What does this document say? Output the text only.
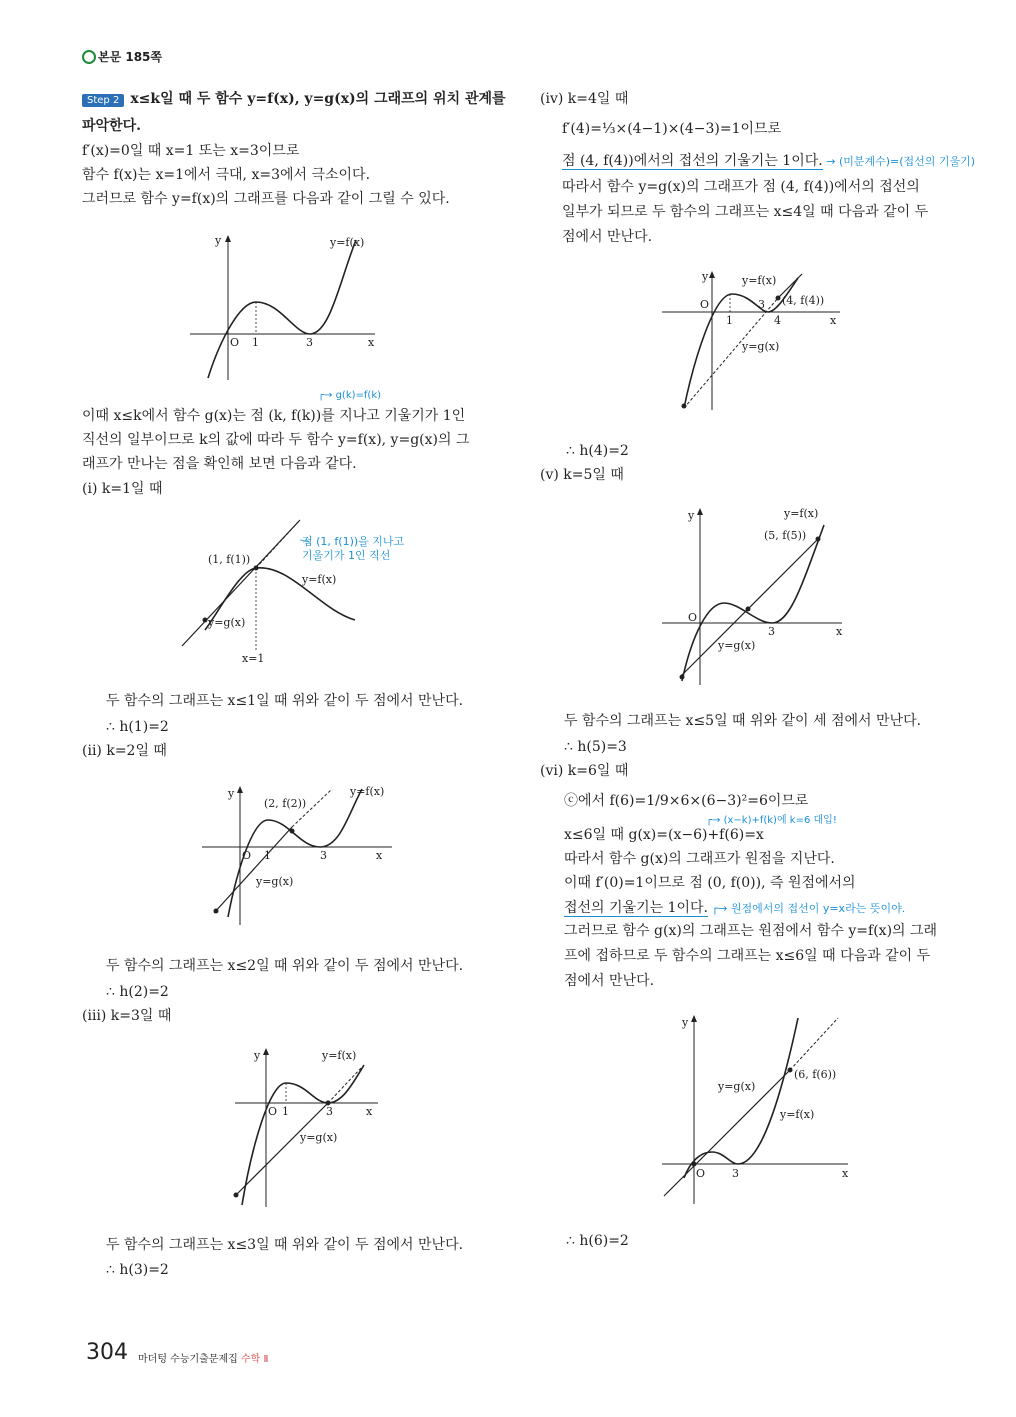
본문 185쪽
Step 2 x≤k일 때 두 함수 y=f(x), y=g(x)의 그래프의 위치 관계를
파악한다.
f′(x)=0일 때 x=1 또는 x=3이므로
함수 f(x)는 x=1에서 극대, x=3에서 극소이다.
그러므로 함수 y=f(x)의 그래프를 다음과 같이 그릴 수 있다.
y	y=f(x)
O 1	3	x
┌→ g(k)=f(k)
이때 x≤k에서 함수 g(x)는 점 (k, f(k))를 지나고 기울기가 1인
직선의 일부이므로 k의 값에 따라 두 함수 y=f(x), y=g(x)의 그
래프가 만나는 점을 확인해 보면 다음과 같다.
(ⅰ) k=1일 때
(1, f(1))
점 (1, f(1))을 지나고
기울기가 1인 직선
y=f(x)
y=g(x)
x=1
두 함수의 그래프는 x≤1일 때 위와 같이 두 점에서 만난다.
∴ h(1)=2
(ⅱ) k=2일 때
y
(2, f(2))
y=f(x)
O 1	3	x
y=g(x)
두 함수의 그래프는 x≤2일 때 위와 같이 두 점에서 만난다.
∴ h(2)=2
(ⅲ) k=3일 때
y	y=f(x)
O 1	3	x
y=g(x)
두 함수의 그래프는 x≤3일 때 위와 같이 두 점에서 만난다.
∴ h(3)=2
(ⅳ) k=4일 때
f′(4)=⅓×(4−1)×(4−3)=1이므로
점 (4, f(4))에서의 접선의 기울기는 1이다. → (미분계수)=(접선의 기울기)
따라서 함수 y=g(x)의 그래프가 점 (4, f(4))에서의 접선의
일부가 되므로 두 함수의 그래프는 x≤4일 때 다음과 같이 두
점에서 만난다.
y	y=f(x)
O	3 (4, f(4))
1	4	x
y=g(x)
∴ h(4)=2
(ⅴ) k=5일 때
y	y=f(x)
(5, f(5))
O
3	x
y=g(x)
두 함수의 그래프는 x≤5일 때 위와 같이 세 점에서 만난다.
∴ h(5)=3
(ⅵ) k=6일 때
ⓒ에서 f(6)=1/9×6×(6−3)²=6이므로
┌→ (x−k)+f(k)에 k=6 대입!
x≤6일 때 g(x)=(x−6)+f(6)=x
따라서 함수 g(x)의 그래프가 원점을 지난다.
이때 f′(0)=1이므로 점 (0, f(0)), 즉 원점에서의
접선의 기울기는 1이다. ┌→ 원점에서의 접선이 y=x라는 뜻이야.
그러므로 함수 g(x)의 그래프는 원점에서 함수 y=f(x)의 그래
프에 접하므로 두 함수의 그래프는 x≤6일 때 다음과 같이 두
점에서 만난다.
y
y=g(x)
(6, f(6))
y=f(x)
O 3	x
∴ h(6)=2
304 마더텅 수능기출문제집 수학 Ⅱ
